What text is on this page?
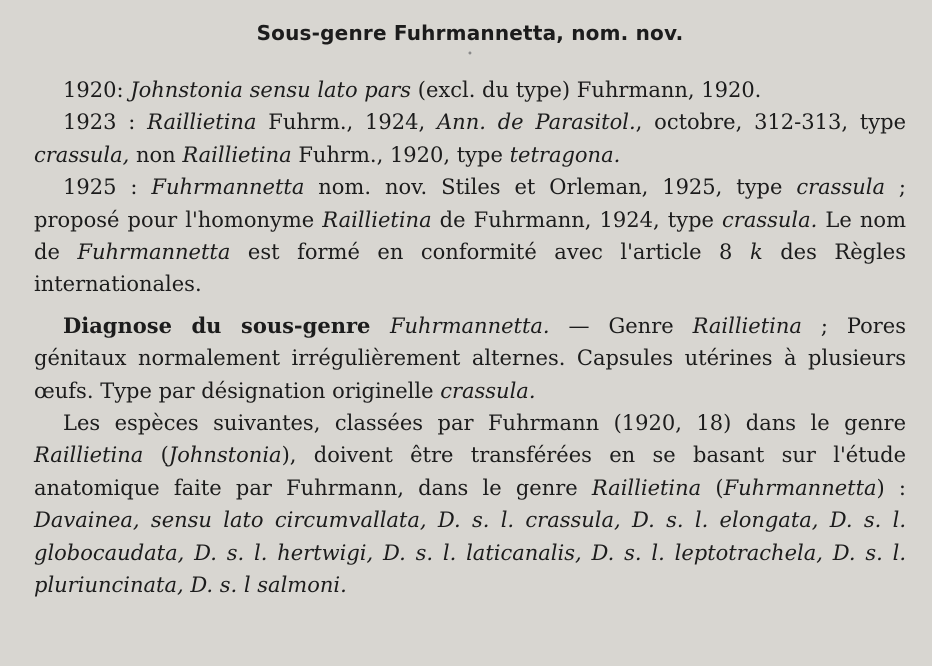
Sous-genre Fuhrmannetta, nom. nov.
•

1920: Johnstonia sensu lato pars (excl. du type) Fuhrmann, 1920.

1923 : Raillietina Fuhrm., 1924, Ann. de Parasitol., octobre, 312-313, type crassula, non Raillietina Fuhrm., 1920, type tetragona.

1925 : Fuhrmannetta nom. nov. Stiles et Orleman, 1925, type crassula ; proposé pour l'homonyme Raillietina de Fuhrmann, 1924, type crassula. Le nom de Fuhrmannetta est formé en conformité avec l'article 8 k des Règles internationales.

Diagnose du sous-genre Fuhrmannetta. — Genre Raillietina ; Pores génitaux normalement irrégulièrement alternes. Capsules utérines à plusieurs œufs. Type par désignation originelle crassula.

Les espèces suivantes, classées par Fuhrmann (1920, 18) dans le genre Raillietina (Johnstonia), doivent être transférées en se basant sur l'étude anatomique faite par Fuhrmann, dans le genre Raillietina (Fuhrmannetta) : Davainea, sensu lato circumvallata, D. s. l. crassula, D. s. l. elongata, D. s. l. globocaudata, D. s. l. hertwigi, D. s. l. laticanalis, D. s. l. leptotrachela, D. s. l. pluriuncinata, D. s. l salmoni.
